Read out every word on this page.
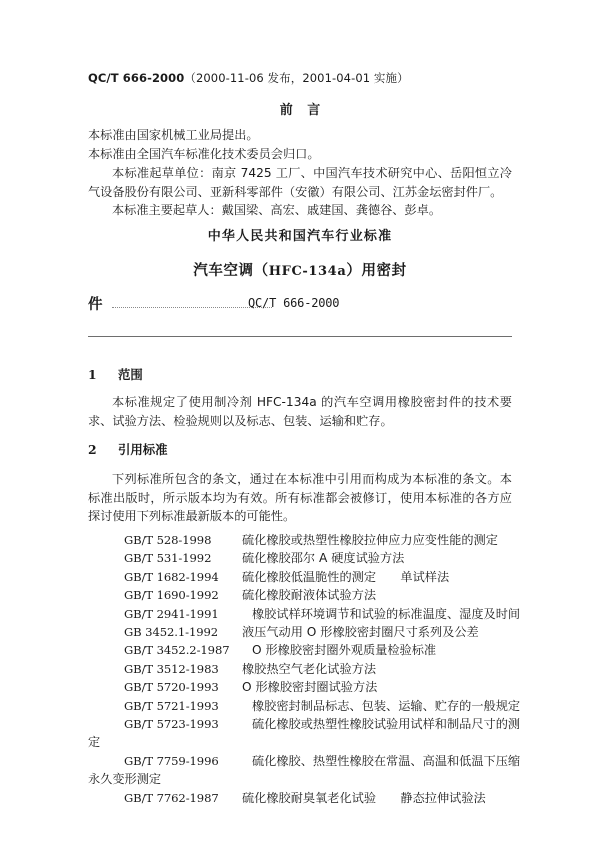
QC/T 666-2000（2000-11-06 发布，2001-04-01 实施）
前 言
本标准由国家机械工业局提出。
本标准由全国汽车标准化技术委员会归口。
本标准起草单位：南京 7425 工厂、中国汽车技术研究中心、岳阳恒立冷气设备股份有限公司、亚新科零部件（安徽）有限公司、江苏金坛密封件厂。
本标准主要起草人：戴国梁、高宏、戚建国、龚德谷、彭卓。
中华人民共和国汽车行业标准
汽车空调（HFC-134a）用密封
件	QC/T 666-2000
1 范围
本标准规定了使用制冷剂 HFC-134a 的汽车空调用橡胶密封件的技术要求、试验方法、检验规则以及标志、包装、运输和贮存。
2 引用标准
下列标准所包含的条文，通过在本标准中引用而构成为本标准的条文。本标准出版时，所示版本均为有效。所有标准都会被修订，使用本标准的各方应探讨使用下列标准最新版本的可能性。
GB/T 528-1998	硫化橡胶或热塑性橡胶拉伸应力应变性能的测定
GB/T 531-1992	硫化橡胶邵尔 A 硬度试验方法
GB/T 1682-1994 硫化橡胶低温脆性的测定　　单试样法
GB/T 1690-1992 硫化橡胶耐液体试验方法
GB/T 2941-1991	橡胶试样环境调节和试验的标准温度、湿度及时间
GB 3452.1-1992 液压气动用 O 形橡胶密封圈尺寸系列及公差
GB/T 3452.2-1987 O 形橡胶密封圈外观质量检验标准
GB/T 3512-1983 橡胶热空气老化试验方法
GB/T 5720-1993 O 形橡胶密封圈试验方法
GB/T 5721-1993	橡胶密封制品标志、包装、运输、贮存的一般规定
GB/T 5723-1993	硫化橡胶或热塑性橡胶试验用试样和制品尺寸的测
定
GB/T 7759-1996	硫化橡胶、热塑性橡胶在常温、高温和低温下压缩
永久变形测定
GB/T 7762-1987 硫化橡胶耐臭氧老化试验　　静态拉伸试验法
